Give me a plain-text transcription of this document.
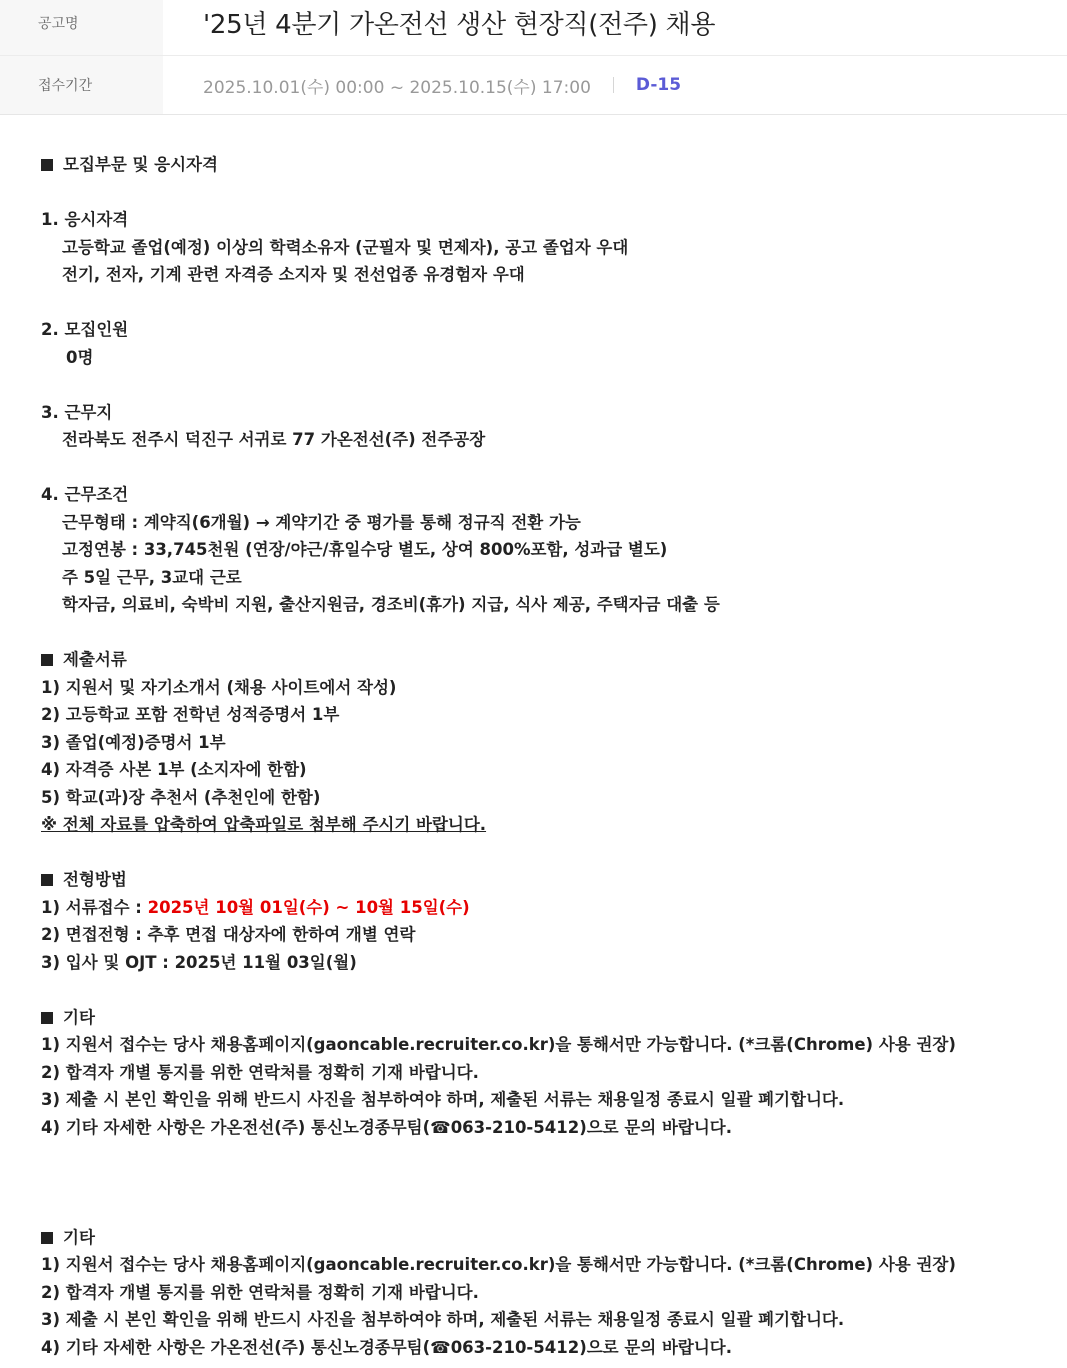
공고명	'25년 4분기 가온전선 생산 현장직(전주) 채용
접수기간	2025.10.01(수) 00:00 ~ 2025.10.15(수) 17:00	D-15
모집부문 및 응시자격
1. 응시자격
고등학교 졸업(예정) 이상의 학력소유자 (군필자 및 면제자), 공고 졸업자 우대
전기, 전자, 기계 관련 자격증 소지자 및 전선업종 유경험자 우대
2. 모집인원
0명
3. 근무지
전라북도 전주시 덕진구 서귀로 77 가온전선(주) 전주공장
4. 근무조건
근무형태 : 계약직(6개월) → 계약기간 중 평가를 통해 정규직 전환 가능
고정연봉 : 33,745천원 (연장/야근/휴일수당 별도, 상여 800%포함, 성과급 별도)
주 5일 근무, 3교대 근로
학자금, 의료비, 숙박비 지원, 출산지원금, 경조비(휴가) 지급, 식사 제공, 주택자금 대출 등
제출서류
1) 지원서 및 자기소개서 (채용 사이트에서 작성)
2) 고등학교 포함 전학년 성적증명서 1부
3) 졸업(예정)증명서 1부
4) 자격증 사본 1부 (소지자에 한함)
5) 학교(과)장 추천서 (추천인에 한함)
※ 전체 자료를 압축하여 압축파일로 첨부해 주시기 바랍니다.
전형방법
1) 서류접수 : 2025년 10월 01일(수) ~ 10월 15일(수)
2) 면접전형 : 추후 면접 대상자에 한하여 개별 연락
3) 입사 및 OJT : 2025년 11월 03일(월)
기타
1) 지원서 접수는 당사 채용홈페이지(gaoncable.recruiter.co.kr)을 통해서만 가능합니다. (*크롬(Chrome) 사용 권장)
2) 합격자 개별 통지를 위한 연락처를 정확히 기재 바랍니다.
3) 제출 시 본인 확인을 위해 반드시 사진을 첨부하여야 하며, 제출된 서류는 채용일정 종료시 일괄 폐기합니다.
4) 기타 자세한 사항은 가온전선(주) 통신노경종무팀(☎063-210-5412)으로 문의 바랍니다.
기타
1) 지원서 접수는 당사 채용홈페이지(gaoncable.recruiter.co.kr)을 통해서만 가능합니다. (*크롬(Chrome) 사용 권장)
2) 합격자 개별 통지를 위한 연락처를 정확히 기재 바랍니다.
3) 제출 시 본인 확인을 위해 반드시 사진을 첨부하여야 하며, 제출된 서류는 채용일정 종료시 일괄 폐기합니다.
4) 기타 자세한 사항은 가온전선(주) 통신노경종무팀(☎063-210-5412)으로 문의 바랍니다.
